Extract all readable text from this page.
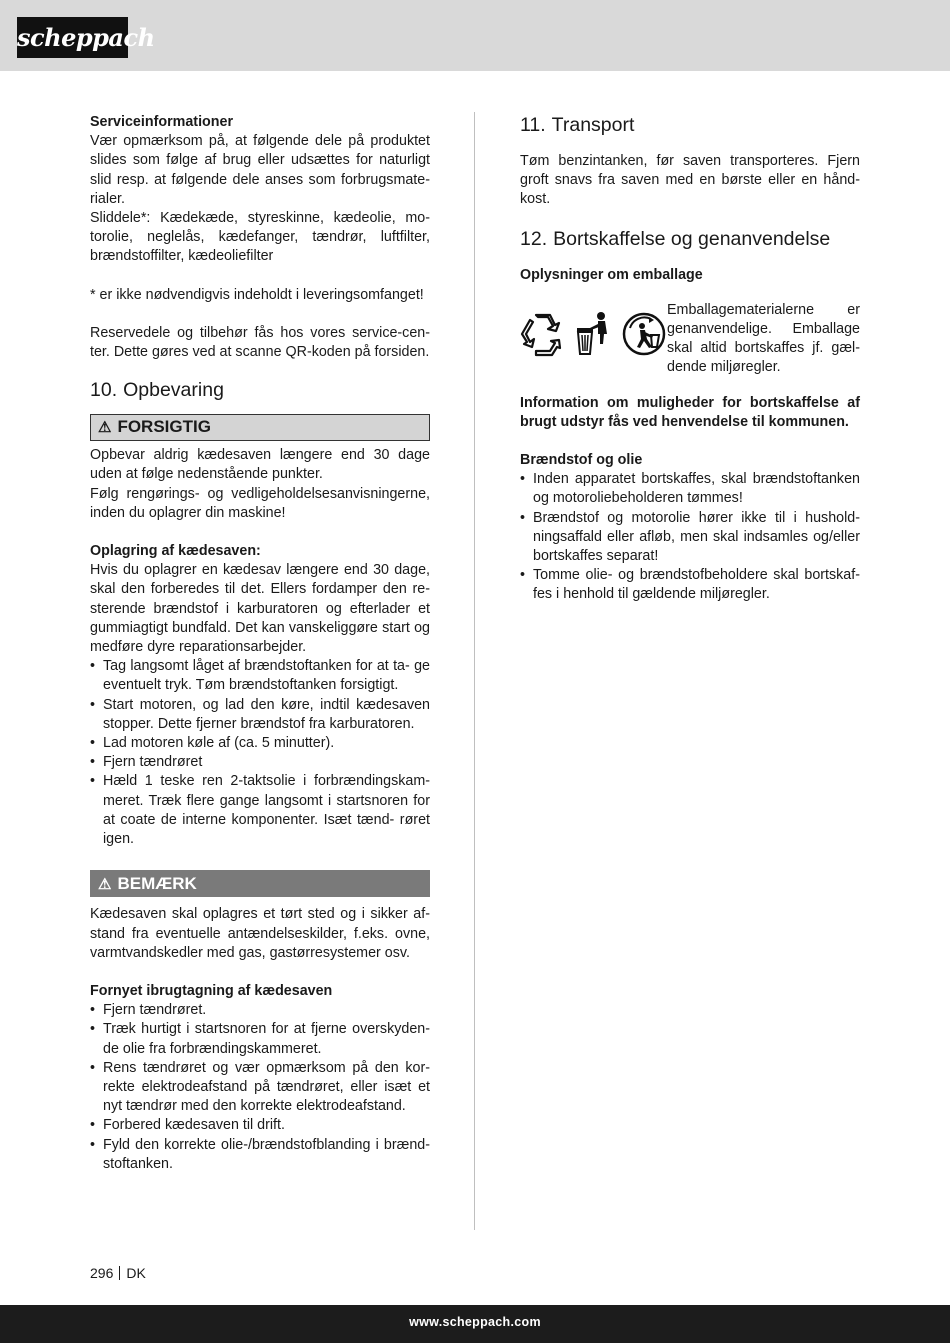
scheppach

Serviceinformationer

Vær opmærksom på, at følgende dele på produktet slides som følge af brug eller udsættes for naturligt slid resp. at følgende dele anses som forbrugsmate- rialer.

Sliddele*: Kædekæde, styreskinne, kædeolie, mo- torolie, neglelås, kædefanger, tændrør, luftfilter, brændstoffilter, kædeoliefilter

* er ikke nødvendigvis indeholdt i leveringsomfanget!

Reservedele og tilbehør fås hos vores service-cen- ter. Dette gøres ved at scanne QR-koden på forsiden.

10. Opbevaring
⚠ FORSIGTIG

Opbevar aldrig kædesaven længere end 30 dage uden at følge nedenstående punkter.

Følg rengørings- og vedligeholdelsesanvisningerne, inden du oplagrer din maskine!

Oplagring af kædesaven:

Hvis du oplagrer en kædesav længere end 30 dage, skal den forberedes til det. Ellers fordamper den re- sterende brændstof i karburatoren og efterlader et gummiagtigt bundfald. Det kan vanskeliggøre start og medføre dyre reparationsarbejder.

• Tag langsomt låget af brændstoftanken for at ta- ge eventuelt tryk. Tøm brændstoftanken forsigtigt.
• Start motoren, og lad den køre, indtil kædesaven stopper. Dette fjerner brændstof fra karburatoren.
• Lad motoren køle af (ca. 5 minutter).
• Fjern tændrøret
• Hæld 1 teske ren 2-taktsolie i forbrændingskam- meret. Træk flere gange langsomt i startsnoren for at coate de interne komponenter. Isæt tænd- røret igen.
⚠ BEMÆRK

Kædesaven skal oplagres et tørt sted og i sikker af- stand fra eventuelle antændelseskilder, f.eks. ovne, varmtvandskedler med gas, gastørresystemer osv.

Fornyet ibrugtagning af kædesaven

• Fjern tændrøret.
• Træk hurtigt i startsnoren for at fjerne overskyden- de olie fra forbrændingskammeret.
• Rens tændrøret og vær opmærksom på den kor- rekte elektrodeafstand på tændrøret, eller isæt et nyt tændrør med den korrekte elektrodeafstand.
• Forbered kædesaven til drift.
• Fyld den korrekte olie-/brændstofblanding i brænd- stoftanken.
11. Transport

Tøm benzintanken, før saven transporteres. Fjern groft snavs fra saven med en børste eller en hånd- kost.

12. Bortskaffelse og genanvendelse

Oplysninger om emballage

Emballagematerialerne er genanvendelige. Emballage skal altid bortskaffes jf. gæl- dende miljøregler.

Information om muligheder for bortskaffelse af brugt udstyr fås ved henvendelse til kommunen.

Brændstof og olie

• Inden apparatet bortskaffes, skal brændstoftanken og motoroliebeholderen tømmes!
• Brændstof og motorolie hører ikke til i hushold- ningsaffald eller afløb, men skal indsamles og/eller bortskaffes separat!
• Tomme olie- og brændstofbeholdere skal bortskaf- fes i henhold til gældende miljøregler.
296 DK
www.scheppach.com
